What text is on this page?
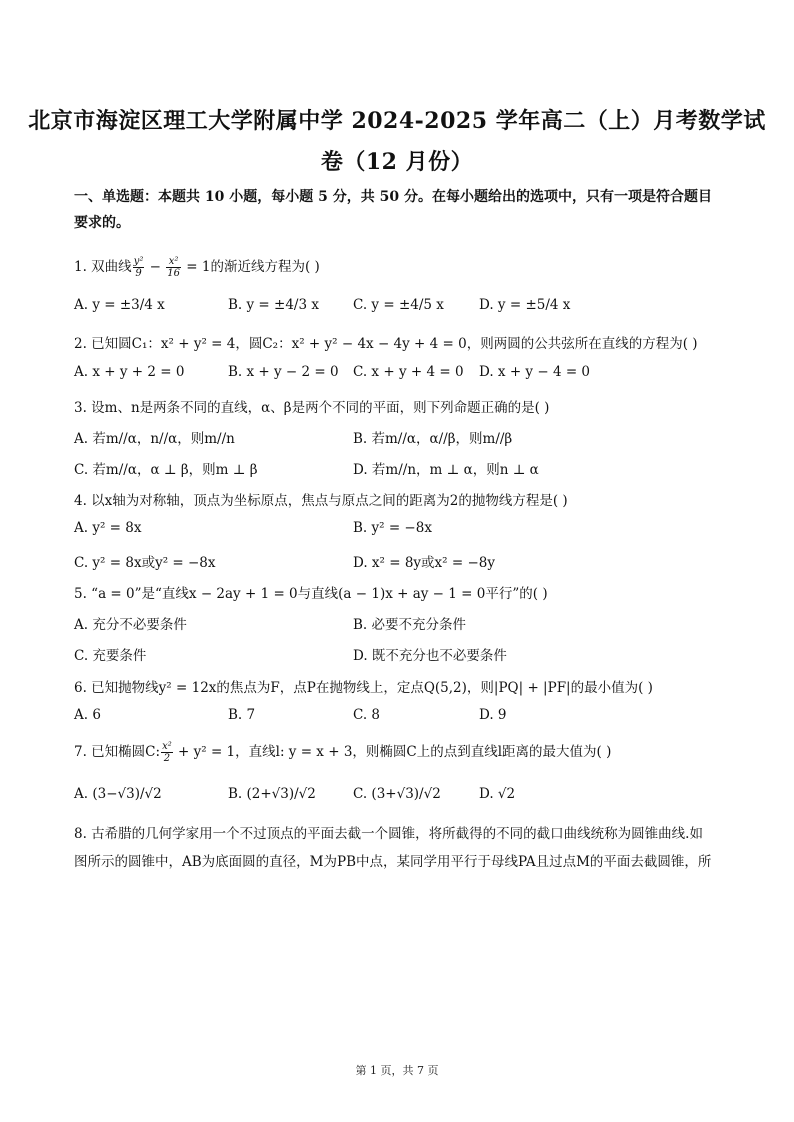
北京市海淀区理工大学附属中学 2024-2025 学年高二（上）月考数学试
卷（12 月份）
一、单选题：本题共 10 小题，每小题 5 分，共 50 分。在每小题给出的选项中，只有一项是符合题目要求的。
1. 双曲线 $\frac{\text{y²}}{9} - \frac{\text{x²}}{16} = 1$的渐近线方程为( )
A. y = ±3/4 x	B. y = ±4/3 x	C. y = ±4/5 x	D. y = ±5/4 x
2. 已知圆C₁：x² + y² = 4，圆C₂：x² + y² − 4x − 4y + 4 = 0，则两圆的公共弦所在直线的方程为( )
A. x + y + 2 = 0	B. x + y − 2 = 0 C. x + y + 4 = 0 D. x + y − 4 = 0
3. 设m、n是两条不同的直线，α、β是两个不同的平面，则下列命题正确的是( )
A. 若m//α，n//α，则m//n	B. 若m//α，α//β，则m//β
C. 若m//α，α ⊥ β，则m ⊥ β	D. 若m//n，m ⊥ α，则n ⊥ α
4. 以x轴为对称轴，顶点为坐标原点，焦点与原点之间的距离为2的抛物线方程是( )
A. y² = 8x	B. y² = −8x
C. y² = 8x或y² = −8x	D. x² = 8y或x² = −8y
5. “a = 0”是“直线x − 2ay + 1 = 0与直线(a − 1)x + ay − 1 = 0平行”的( )
A. 充分不必要条件	B. 必要不充分条件
C. 充要条件	D. 既不充分也不必要条件
6. 已知抛物线y² = 12x的焦点为F，点P在抛物线上，定点Q(5,2)，则|PQ| + |PF|的最小值为( )
A. 6	B. 7	C. 8	D. 9
7. 已知椭圆C: $\frac{\text{x²}}{2} + y^2 = 1$，直线l: y = x + 3，则椭圆C上的点到直线l距离的最大值为( )
A. (3−√3)/√2	B. (2+√3)/√2	C. (3+√3)/√2	D. √2
8. 古希腊的几何学家用一个不过顶点的平面去截一个圆锥，将所截得的不同的截口曲线统称为圆锥曲线.如
图所示的圆锥中，AB为底面圆的直径，M为PB中点，某同学用平行于母线PA且过点M的平面去截圆锥，所
第 1 页，共 7 页
